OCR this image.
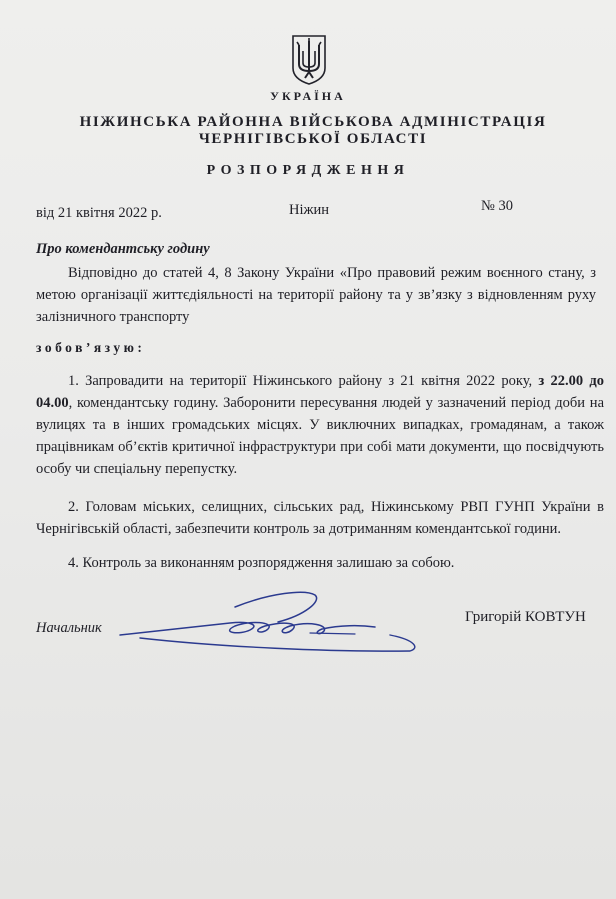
УКРАЇНА
НІЖИНСЬКА РАЙОННА ВІЙСЬКОВА АДМІНІСТРАЦІЯ
ЧЕРНІГІВСЬКОЇ ОБЛАСТІ
РОЗПОРЯДЖЕННЯ
від 21 квітня 2022 р.	Ніжин	№ 30
Про комендантську годину
Відповідно до статей 4, 8 Закону України «Про правовий режим воєнного стану, з метою організації життєдіяльності на території району та у зв’язку з відновленням руху залізничного транспорту
зобов’язую:
1. Запровадити на території Ніжинського району з 21 квітня 2022 року, з 22.00 до 04.00, комендантську годину. Заборонити пересування людей у зазначений період доби на вулицях та в інших громадських місцях. У виключних випадках, громадянам, а також працівникам об’єктів критичної інфраструктури при собі мати документи, що посвідчують особу чи спеціальну перепустку.
2. Головам міських, селищних, сільських рад, Ніжинському РВП ГУНП України в Чернігівській області, забезпечити контроль за дотриманням комендантської години.
4. Контроль за виконанням розпорядження залишаю за собою.
Начальник
Григорій КОВТУН
